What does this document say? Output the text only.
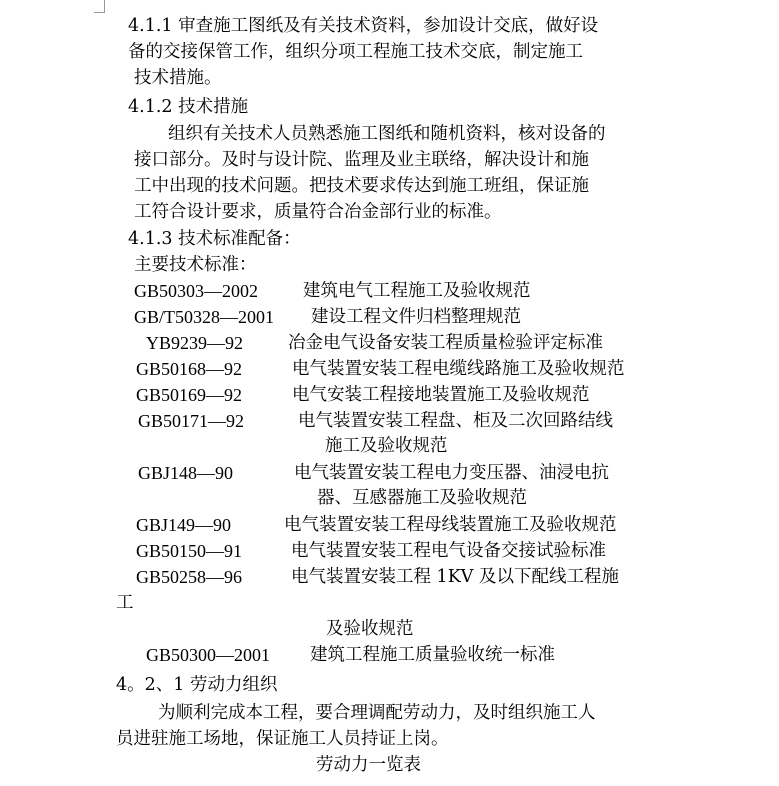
4.1.1 审查施工图纸及有关技术资料，参加设计交底，做好设
备的交接保管工作，组织分项工程施工技术交底，制定施工
技术措施。
4.1.2 技术措施
组织有关技术人员熟悉施工图纸和随机资料，核对设备的
接口部分。及时与设计院、监理及业主联络，解决设计和施
工中出现的技术问题。把技术要求传达到施工班组，保证施
工符合设计要求，质量符合冶金部行业的标准。
4.1.3 技术标准配备：
主要技术标准：
GB50303—2002	建筑电气工程施工及验收规范
GB/T50328—2001 建设工程文件归档整理规范
YB9239—92	冶金电气设备安装工程质量检验评定标准
GB50168—92	电气装置安装工程电缆线路施工及验收规范
GB50169—92	电气安装工程接地装置施工及验收规范
GB50171—92	电气装置安装工程盘、柜及二次回路结线
施工及验收规范
GBJ148—90	电气装置安装工程电力变压器、油浸电抗
器、互感器施工及验收规范
GBJ149—90	电气装置安装工程母线装置施工及验收规范
GB50150—91	电气装置安装工程电气设备交接试验标准
GB50258—96	电气装置安装工程 1KV 及以下配线工程施
工
及验收规范
GB50300—2001 建筑工程施工质量验收统一标准
4。2、1 劳动力组织
为顺利完成本工程，要合理调配劳动力，及时组织施工人
员进驻施工场地，保证施工人员持证上岗。
劳动力一览表
